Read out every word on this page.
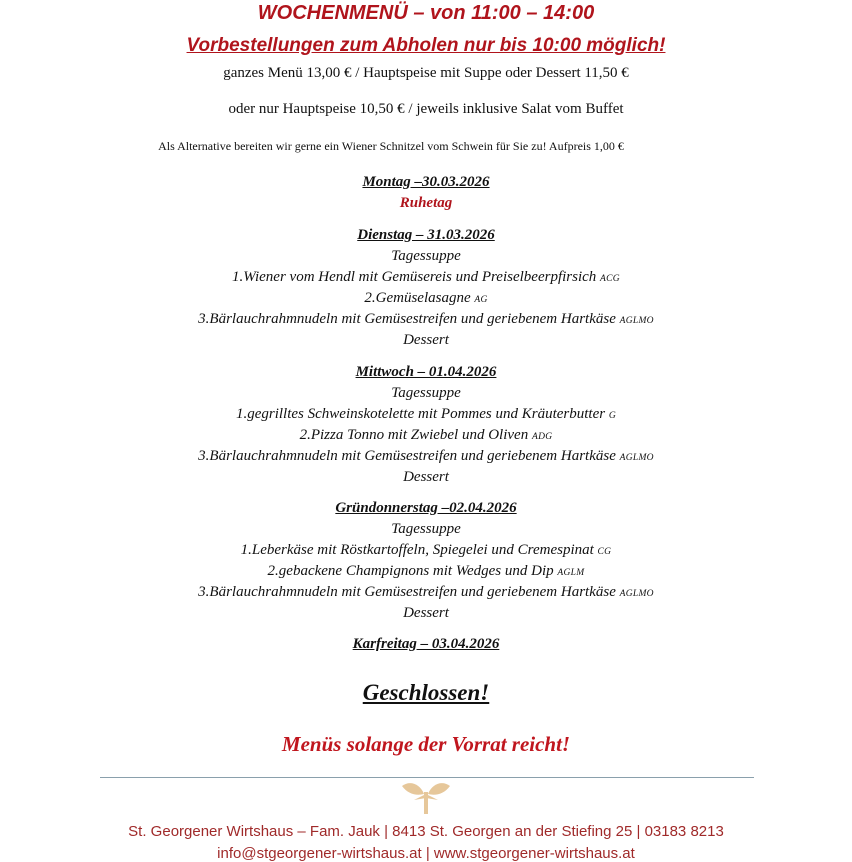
WOCHENMENÜ – von 11:00 – 14:00
Vorbestellungen zum Abholen nur bis 10:00 möglich!
ganzes Menü 13,00 € / Hauptspeise mit Suppe oder Dessert 11,50 €
oder nur Hauptspeise 10,50 € / jeweils inklusive Salat vom Buffet
Als Alternative bereiten wir gerne ein Wiener Schnitzel vom Schwein für Sie zu! Aufpreis 1,00 €
Montag –30.03.2026
Ruhetag
Dienstag – 31.03.2026
Tagessuppe
1.Wiener vom Hendl mit Gemüsereis und Preiselbeerpfirsich ACG
2.Gemüselasagne AG
3.Bärlauchrahmnudeln mit Gemüsestreifen und geriebenem Hartkäse AGLMO
Dessert
Mittwoch – 01.04.2026
Tagessuppe
1.gegrilltes Schweinskotelette mit Pommes und Kräuterbutter G
2.Pizza Tonno mit Zwiebel und Oliven ADG
3.Bärlauchrahmnudeln mit Gemüsestreifen und geriebenem Hartkäse AGLMO
Dessert
Gründonnerstag –02.04.2026
Tagessuppe
1.Leberkäse mit Röstkartoffeln, Spiegelei und Cremespinat CG
2.gebackene Champignons mit Wedges und Dip AGLM
3.Bärlauchrahmnudeln mit Gemüsestreifen und geriebenem Hartkäse AGLMO
Dessert
Karfreitag – 03.04.2026
Geschlossen!
Menüs solange der Vorrat reicht!
St. Georgener Wirtshaus – Fam. Jauk | 8413 St. Georgen an der Stiefing 25 | 03183 8213
info@stgeorgener-wirtshaus.at | www.stgeorgener-wirtshaus.at
